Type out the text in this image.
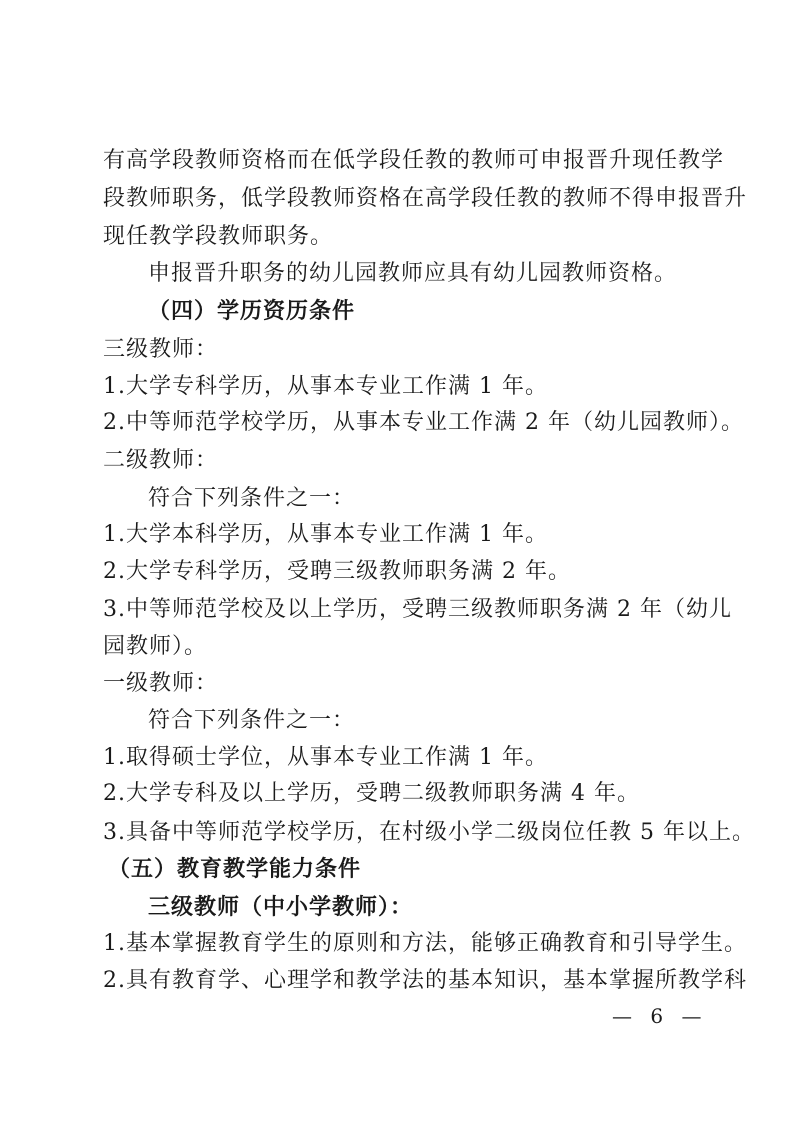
有高学段教师资格而在低学段任教的教师可申报晋升现任教学
段教师职务，低学段教师资格在高学段任教的教师不得申报晋升
现任教学段教师职务。
申报晋升职务的幼儿园教师应具有幼儿园教师资格。
（四）学历资历条件
三级教师：
1.大学专科学历，从事本专业工作满 1 年。
2.中等师范学校学历，从事本专业工作满 2 年（幼儿园教师）。
二级教师：
符合下列条件之一：
1.大学本科学历，从事本专业工作满 1 年。
2.大学专科学历，受聘三级教师职务满 2 年。
3.中等师范学校及以上学历，受聘三级教师职务满 2 年（幼儿
园教师）。
一级教师：
符合下列条件之一：
1.取得硕士学位，从事本专业工作满 1 年。
2.大学专科及以上学历，受聘二级教师职务满 4 年。
3.具备中等师范学校学历，在村级小学二级岗位任教 5 年以上。
（五）教育教学能力条件
三级教师（中小学教师）：
1.基本掌握教育学生的原则和方法，能够正确教育和引导学生。
2.具有教育学、心理学和教学法的基本知识，基本掌握所教学科
— 6 —
